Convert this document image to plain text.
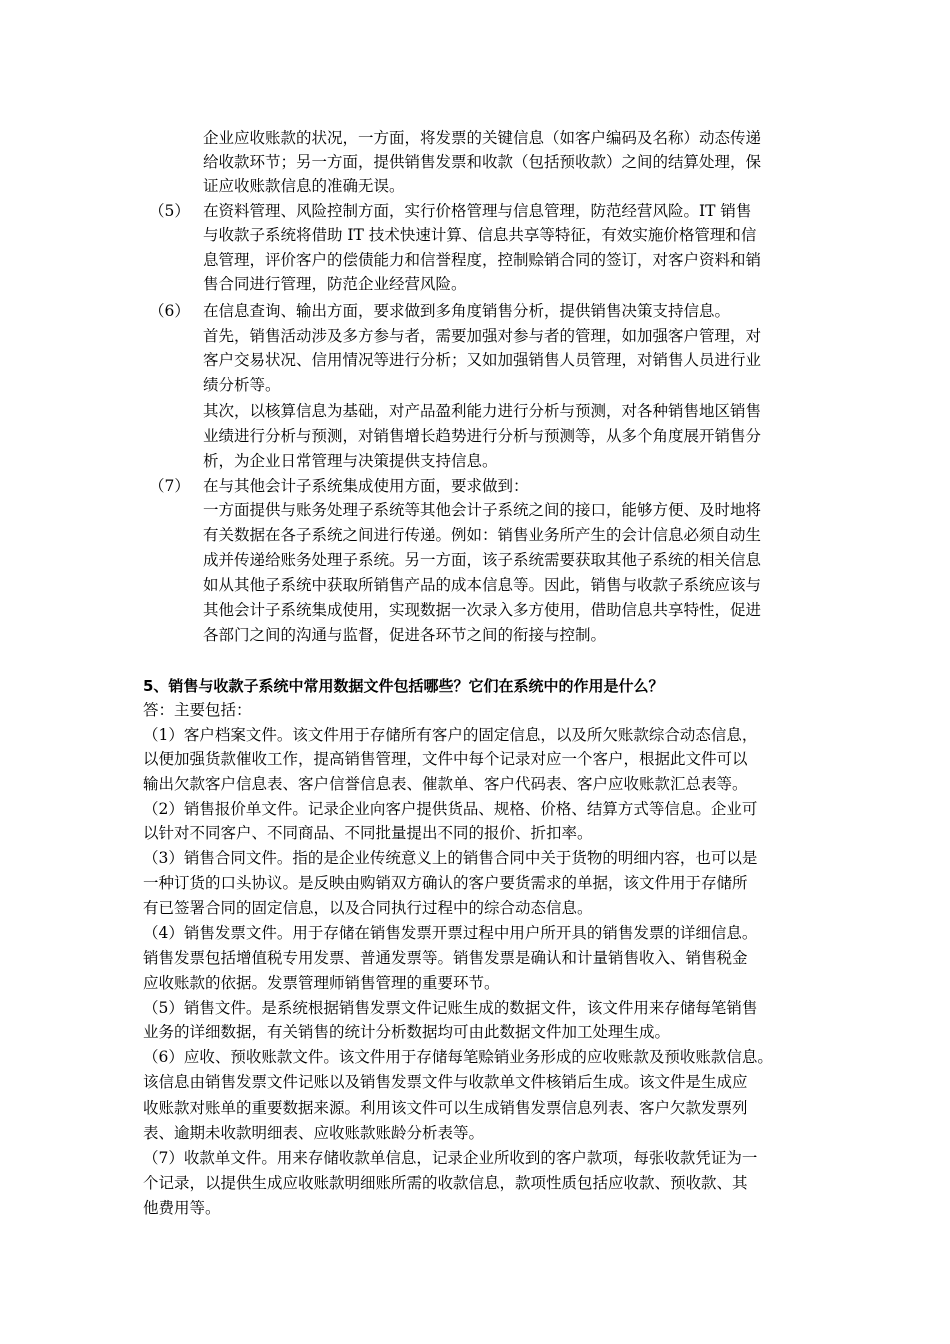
企业应收账款的状况，一方面，将发票的关键信息（如客户编码及名称）动态传递
给收款环节；另一方面，提供销售发票和收款（包括预收款）之间的结算处理，保
证应收账款信息的准确无误。
（5） 在资料管理、风险控制方面，实行价格管理与信息管理，防范经营风险。IT 销售
与收款子系统将借助 IT 技术快速计算、信息共享等特征，有效实施价格管理和信
息管理，评价客户的偿债能力和信誉程度，控制赊销合同的签订，对客户资料和销
售合同进行管理，防范企业经营风险。
（6） 在信息查询、输出方面，要求做到多角度销售分析，提供销售决策支持信息。
首先，销售活动涉及多方参与者，需要加强对参与者的管理，如加强客户管理，对
客户交易状况、信用情况等进行分析；又如加强销售人员管理，对销售人员进行业
绩分析等。
其次，以核算信息为基础，对产品盈利能力进行分析与预测，对各种销售地区销售
业绩进行分析与预测，对销售增长趋势进行分析与预测等，从多个角度展开销售分
析，为企业日常管理与决策提供支持信息。
（7） 在与其他会计子系统集成使用方面，要求做到：
一方面提供与账务处理子系统等其他会计子系统之间的接口，能够方便、及时地将
有关数据在各子系统之间进行传递。例如：销售业务所产生的会计信息必须自动生
成并传递给账务处理子系统。另一方面，该子系统需要获取其他子系统的相关信息
如从其他子系统中获取所销售产品的成本信息等。因此，销售与收款子系统应该与
其他会计子系统集成使用，实现数据一次录入多方使用，借助信息共享特性，促进
各部门之间的沟通与监督，促进各环节之间的衔接与控制。
5、销售与收款子系统中常用数据文件包括哪些？它们在系统中的作用是什么？
答：主要包括：
（1）客户档案文件。该文件用于存储所有客户的固定信息，以及所欠账款综合动态信息，
以便加强货款催收工作，提高销售管理，文件中每个记录对应一个客户，根据此文件可以
输出欠款客户信息表、客户信誉信息表、催款单、客户代码表、客户应收账款汇总表等。
（2）销售报价单文件。记录企业向客户提供货品、规格、价格、结算方式等信息。企业可
以针对不同客户、不同商品、不同批量提出不同的报价、折扣率。
（3）销售合同文件。指的是企业传统意义上的销售合同中关于货物的明细内容，也可以是
一种订货的口头协议。是反映由购销双方确认的客户要货需求的单据，该文件用于存储所
有已签署合同的固定信息，以及合同执行过程中的综合动态信息。
（4）销售发票文件。用于存储在销售发票开票过程中用户所开具的销售发票的详细信息。
销售发票包括增值税专用发票、普通发票等。销售发票是确认和计量销售收入、销售税金
应收账款的依据。发票管理师销售管理的重要环节。
（5）销售文件。是系统根据销售发票文件记账生成的数据文件，该文件用来存储每笔销售
业务的详细数据，有关销售的统计分析数据均可由此数据文件加工处理生成。
（6）应收、预收账款文件。该文件用于存储每笔赊销业务形成的应收账款及预收账款信息。
该信息由销售发票文件记账以及销售发票文件与收款单文件核销后生成。该文件是生成应
收账款对账单的重要数据来源。利用该文件可以生成销售发票信息列表、客户欠款发票列
表、逾期未收款明细表、应收账款账龄分析表等。
（7）收款单文件。用来存储收款单信息，记录企业所收到的客户款项，每张收款凭证为一
个记录，以提供生成应收账款明细账所需的收款信息，款项性质包括应收款、预收款、其
他费用等。
